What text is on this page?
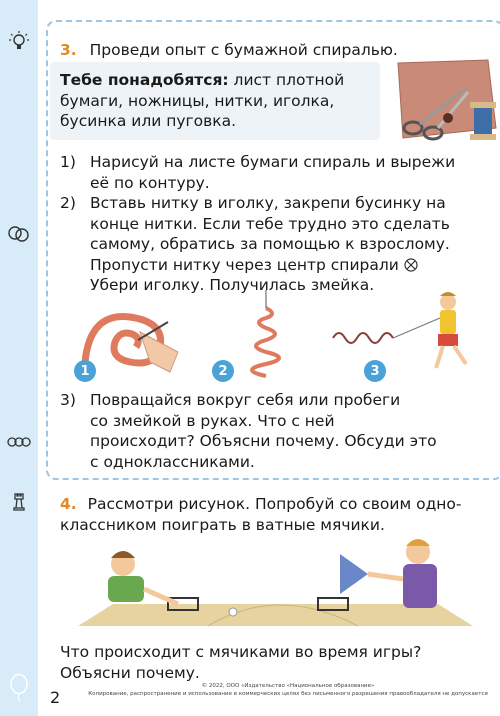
3. Проведи опыт с бумажной спиралью.
Тебе понадобятся: лист плотной
бумаги, ножницы, нитки, иголка,
бусинка или пуговка.
1) Нарисуй на листе бумаги спираль и вырежи
её по контуру.
2) Вставь нитку в иголку, закрепи бусинку на
конце нитки. Если тебе трудно это сделать
самому, обратись за помощью к взрослому.
Пропусти нитку через центр спирали
Убери иголку. Получилась змейка.
1	2	3
3) Повращайся вокруг себя или пробеги
со змейкой в руках. Что с ней
происходит? Объясни почему. Обсуди это
с одноклассниками.
4. Рассмотри рисунок. Попробуй со своим одно-
классником поиграть в ватные мячики.
Что происходит с мячиками во время игры?
Объясни почему.
2
© 2022, ООО «Издательство «Национальное образование»
Копирование, распространение и использование в коммерческих целях без письменного разрешения правообладателя не допускается
